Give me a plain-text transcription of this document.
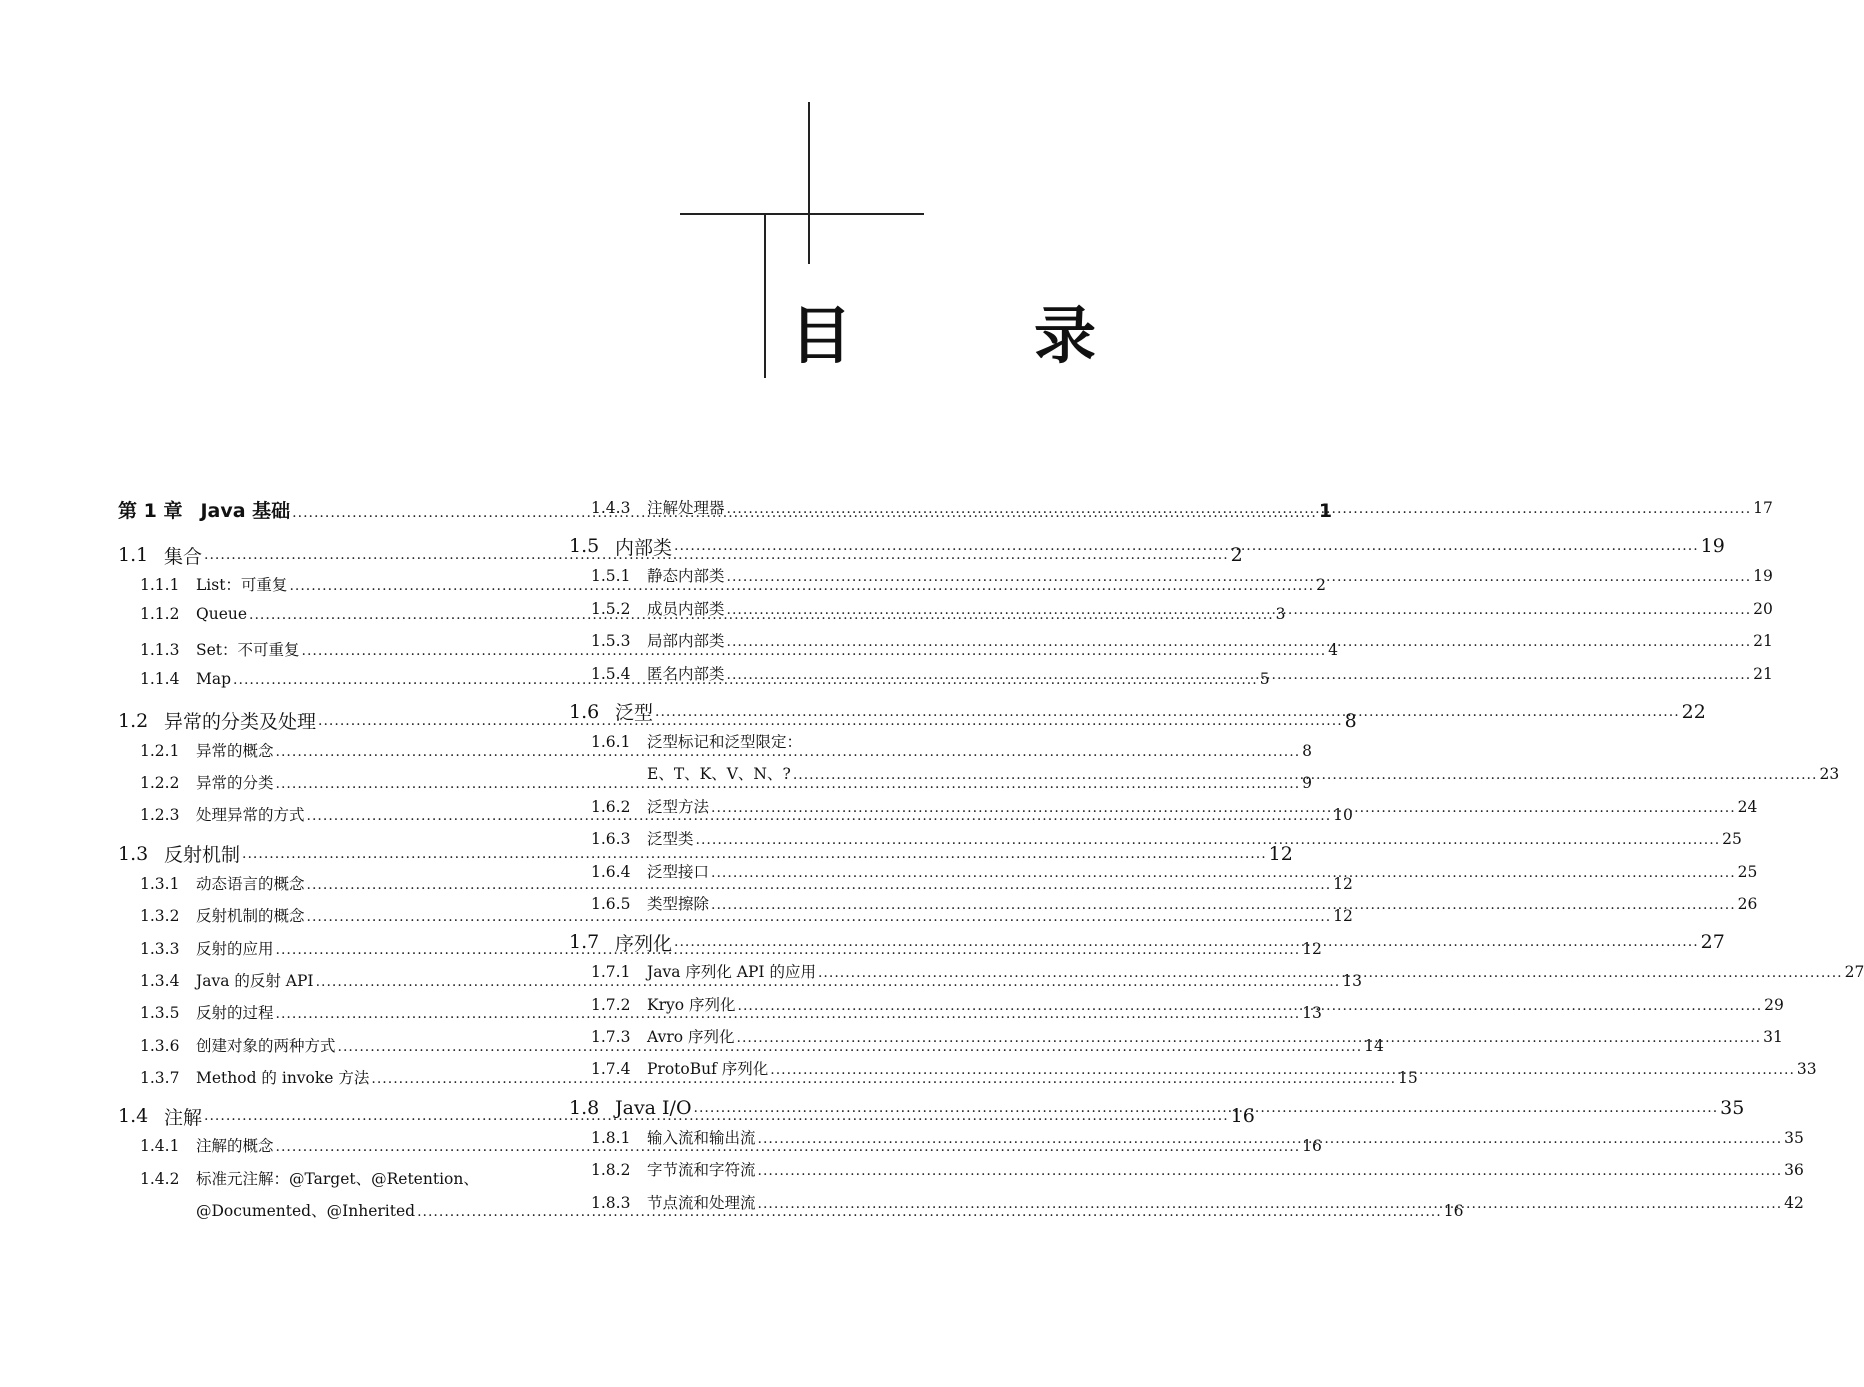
目　录
第 1 章 Java 基础 .....	1
1.1 集合 .....	2
1.1.1	List：可重复 .....	2
1.1.2	Queue .....	3
1.1.3	Set：不可重复 .....	4
1.1.4	Map .....	5
1.2 异常的分类及处理 .....	8
1.2.1	异常的概念 .....	8
1.2.2	异常的分类 .....	9
1.2.3	处理异常的方式 .....	10
1.3 反射机制 .....	12
1.3.1	动态语言的概念 .....	12
1.3.2	反射机制的概念 .....	12
1.3.3	反射的应用 .....	12
1.3.4	Java 的反射 API .....	13
1.3.5	反射的过程 .....	13
1.3.6	创建对象的两种方式 .....	14
1.3.7	Method 的 invoke 方法 .....	15
1.4 注解 .....	16
1.4.1	注解的概念 .....	16
1.4.2	标准元注解：@Target、@Retention、
@Documented、@Inherited .....	16
1.4.3	注解处理器 .....	17
1.5 内部类 .....	19
1.5.1	静态内部类 .....	19
1.5.2	成员内部类 .....	20
1.5.3	局部内部类 .....	21
1.5.4	匿名内部类 .....	21
1.6 泛型 .....	22
1.6.1	泛型标记和泛型限定：
E、T、K、V、N、? .....	23
1.6.2	泛型方法 .....	24
1.6.3	泛型类 .....	25
1.6.4	泛型接口 .....	25
1.6.5	类型擦除 .....	26
1.7 序列化 .....	27
1.7.1	Java 序列化 API 的应用 .....	27
1.7.2	Kryo 序列化 .....	29
1.7.3	Avro 序列化 .....	31
1.7.4	ProtoBuf 序列化 .....	33
1.8 Java I/O .....	35
1.8.1	输入流和输出流 .....	35
1.8.2	字节流和字符流 .....	36
1.8.3	节点流和处理流 .....	42
